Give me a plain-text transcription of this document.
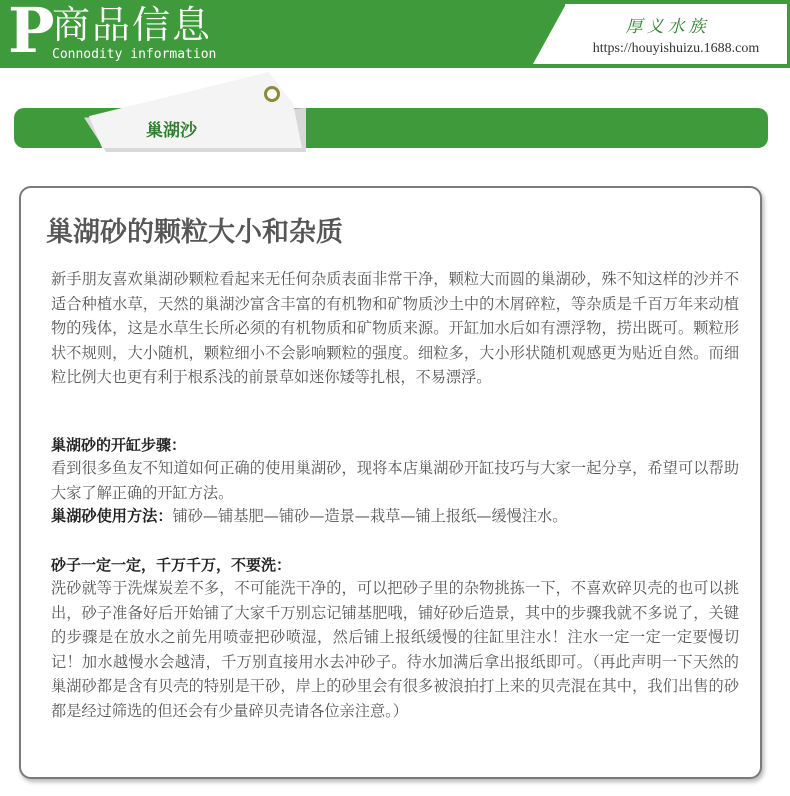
P
商品信息
Connodity information
厚义水族
https://houyishuizu.1688.com
巢湖沙
巢湖砂的颗粒大小和杂质

新手朋友喜欢巢湖砂颗粒看起来无任何杂质表面非常干净，颗粒大而圆的巢湖砂，殊不知这样的沙并不适合种植水草，天然的巢湖沙富含丰富的有机物和矿物质沙土中的木屑碎粒，等杂质是千百万年来动植物的残体，这是水草生长所必须的有机物质和矿物质来源。开缸加水后如有漂浮物，捞出既可。颗粒形状不规则，大小随机，颗粒细小不会影响颗粒的强度。细粒多，大小形状随机观感更为贴近自然。而细粒比例大也更有利于根系浅的前景草如迷你矮等扎根，不易漂浮。

巢湖砂的开缸步骤：

看到很多鱼友不知道如何正确的使用巢湖砂，现将本店巢湖砂开缸技巧与大家一起分享，希望可以帮助大家了解正确的开缸方法。

巢湖砂使用方法：铺砂—铺基肥—铺砂—造景—栽草—铺上报纸—缓慢注水。

砂子一定一定，千万千万，不要洗：

洗砂就等于洗煤炭差不多，不可能洗干净的，可以把砂子里的杂物挑拣一下，不喜欢碎贝壳的也可以挑出，砂子准备好后开始铺了大家千万别忘记铺基肥哦，铺好砂后造景，其中的步骤我就不多说了，关键的步骤是在放水之前先用喷壶把砂喷湿，然后铺上报纸缓慢的往缸里注水！注水一定一定一定要慢切记！加水越慢水会越清，千万别直接用水去冲砂子。待水加满后拿出报纸即可。（再此声明一下天然的巢湖砂都是含有贝壳的特别是干砂，岸上的砂里会有很多被浪拍打上来的贝壳混在其中，我们出售的砂都是经过筛选的但还会有少量碎贝壳请各位亲注意。）
